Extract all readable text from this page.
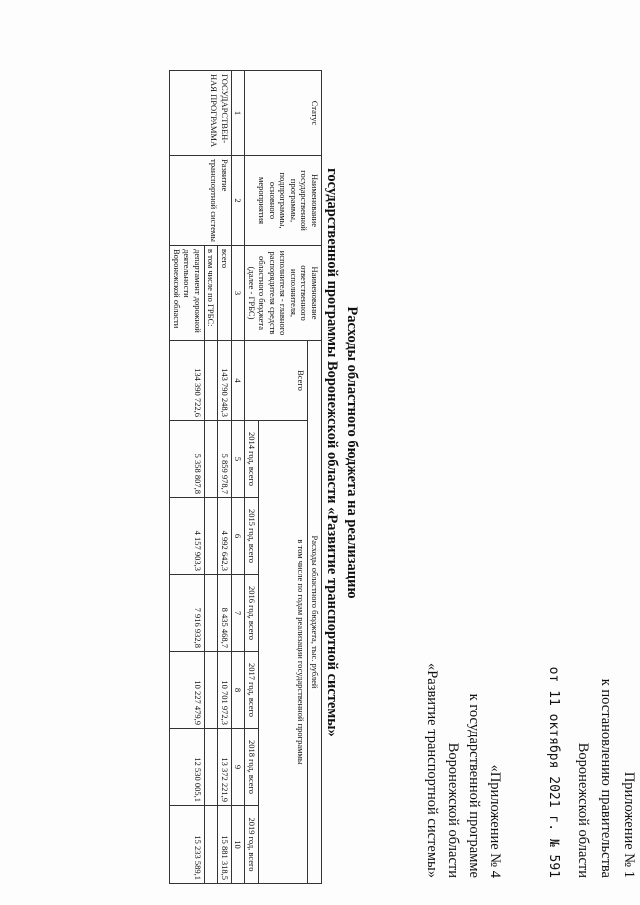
Приложение № 1
к постановлению правительства
Воронежской области
от 11 октября 2021 г. № 591
«Приложение № 4
к государственной программе
Воронежской области
«Развитие транспортной системы»
Расходы областного бюджета на реализацию
государственной программы Воронежской области «Развитие транспортной системы»
Статус	Наименование государственной программы, подпрограммы, основного мероприятия	Наименование ответственного исполнителя, исполнителя - главного распорядителя средств областного бюджета (далее - ГРБС)	Расходы областного бюджета, тыс. рублей						
			Всего	в том числе по годам реализации государственной программы					
				2014 год, всего	2015 год, всего	2016 год, всего	2017 год, всего	2018 год, всего	2019 год, всего
1	2	3	4	5	6	7	8	9	10
ГОСУДАРСТВЕН-НАЯ ПРОГРАММА	Развитие транспортной системы	всего	143 790 248,3	5 859 978,7	4 992 642,3	8 435 468,7	10 701 972,3	13 372 221,9	15 881 318,5
		в том числе по ГРБС:							
		департамент дорожной деятельности Воронежской области	134 390 722,6	5 358 807,8	4 157 903,3	7 916 932,8	10 227 479,9	12 530 005,1	15 233 589,1
